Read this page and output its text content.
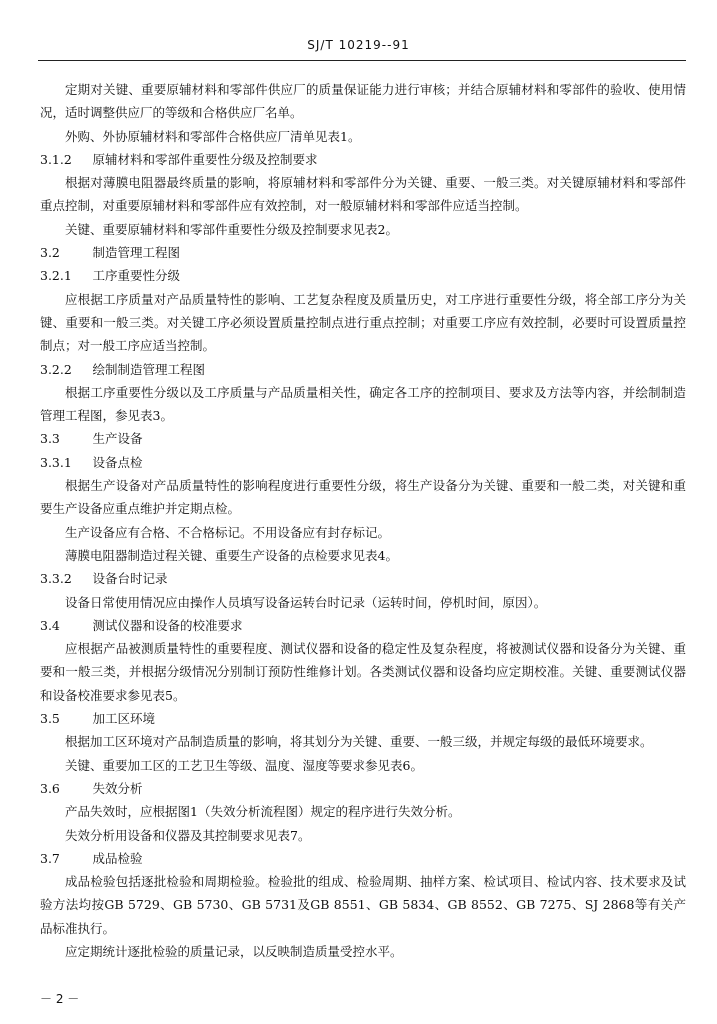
SJ/T 10219--91

定期对关键、重要原辅材料和零部件供应厂的质量保证能力进行审核；并结合原辅材料和零部件的验收、使用情况，适时调整供应厂的等级和合格供应厂名单。

外购、外协原辅材料和零部件合格供应厂清单见表1。

3.1.2 原辅材料和零部件重要性分级及控制要求

根据对薄膜电阻器最终质量的影响，将原辅材料和零部件分为关键、重要、一般三类。对关键原辅材料和零部件重点控制，对重要原辅材料和零部件应有效控制，对一般原辅材料和零部件应适当控制。

关键、重要原辅材料和零部件重要性分级及控制要求见表2。

3.2	制造管理工程图

3.2.1 工序重要性分级

应根据工序质量对产品质量特性的影响、工艺复杂程度及质量历史，对工序进行重要性分级，将全部工序分为关键、重要和一般三类。对关键工序必须设置质量控制点进行重点控制；对重要工序应有效控制，必要时可设置质量控制点；对一般工序应适当控制。

3.2.2 绘制制造管理工程图

根据工序重要性分级以及工序质量与产品质量相关性，确定各工序的控制项目、要求及方法等内容，并绘制制造管理工程图，参见表3。

3.3	生产设备

3.3.1 设备点检

根据生产设备对产品质量特性的影响程度进行重要性分级，将生产设备分为关键、重要和一般二类，对关键和重要生产设备应重点维护并定期点检。

生产设备应有合格、不合格标记。不用设备应有封存标记。

薄膜电阻器制造过程关键、重要生产设备的点检要求见表4。

3.3.2 设备台时记录

设备日常使用情况应由操作人员填写设备运转台时记录（运转时间，停机时间，原因）。

3.4	测试仪器和设备的校准要求

应根据产品被测质量特性的重要程度、测试仪器和设备的稳定性及复杂程度，将被测试仪器和设备分为关键、重要和一般三类，并根据分级情况分别制订预防性维修计划。各类测试仪器和设备均应定期校准。关键、重要测试仪器和设备校准要求参见表5。

3.5	加工区环境

根据加工区环境对产品制造质量的影响，将其划分为关键、重要、一般三级，并规定每级的最低环境要求。

关键、重要加工区的工艺卫生等级、温度、湿度等要求参见表6。

3.6	失效分析

产品失效时，应根据图1（失效分析流程图）规定的程序进行失效分析。

失效分析用设备和仪器及其控制要求见表7。

3.7	成品检验

成品检验包括逐批检验和周期检验。检验批的组成、检验周期、抽样方案、检试项目、检试内容、技术要求及试验方法均按GB 5729、GB 5730、GB 5731及GB 8551、GB 5834、GB 8552、GB 7275、SJ 2868等有关产品标准执行。

应定期统计逐批检验的质量记录，以反映制造质量受控水平。

－ 2 －
